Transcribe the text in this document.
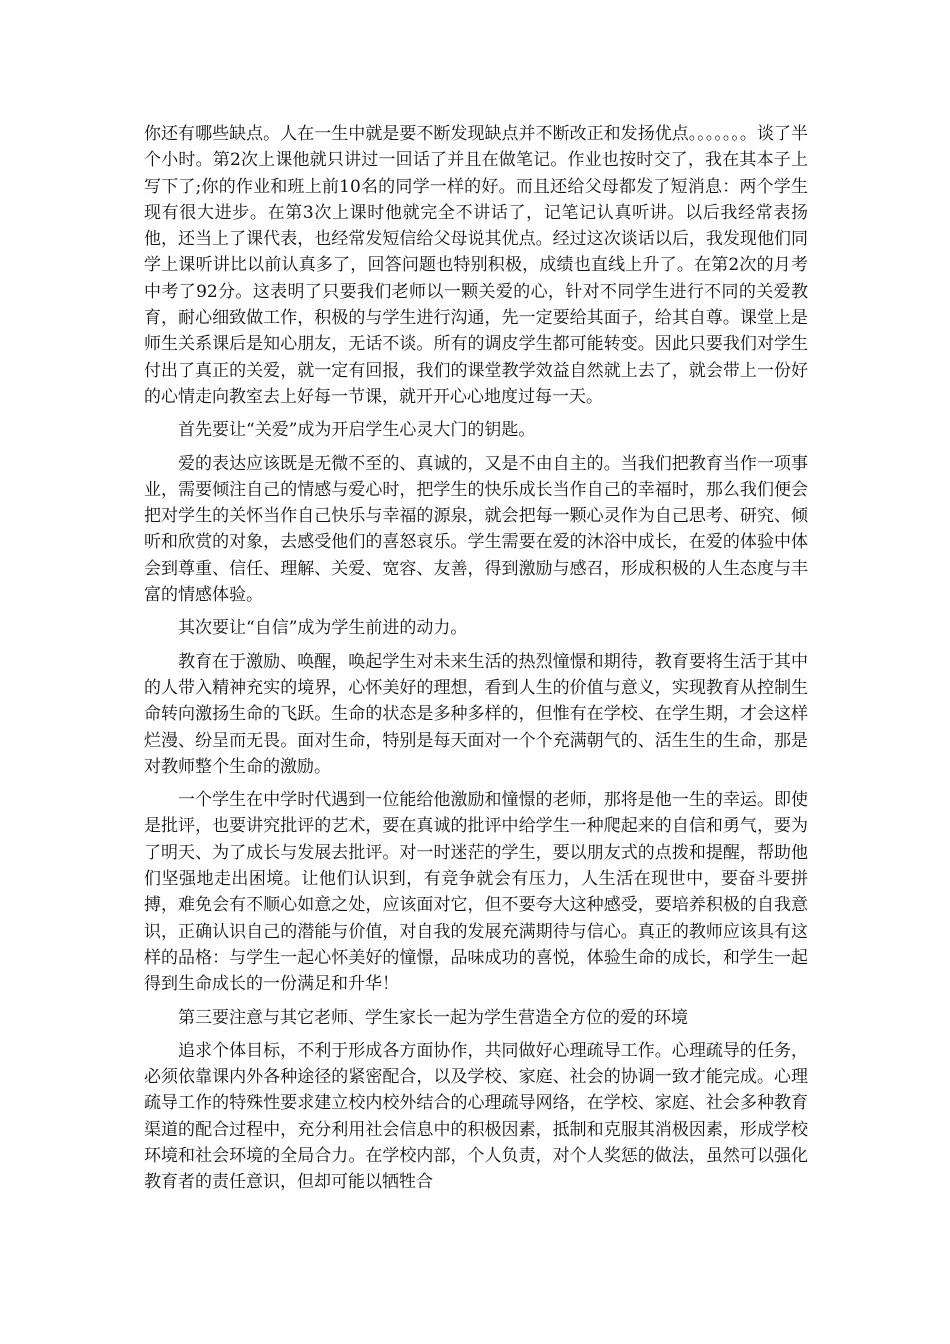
你还有哪些缺点。人在一生中就是要不断发现缺点并不断改正和发扬优点。。。。。。。谈了半个小时。第2次上课他就只讲过一回话了并且在做笔记。作业也按时交了，我在其本子上写下了;你的作业和班上前10名的同学一样的好。而且还给父母都发了短消息：两个学生现有很大进步。在第3次上课时他就完全不讲话了，记笔记认真听讲。以后我经常表扬他，还当上了课代表，也经常发短信给父母说其优点。经过这次谈话以后，我发现他们同学上课听讲比以前认真多了，回答问题也特别积极，成绩也直线上升了。在第2次的月考中考了92分。这表明了只要我们老师以一颗关爱的心，针对不同学生进行不同的关爱教育，耐心细致做工作，积极的与学生进行沟通，先一定要给其面子，给其自尊。课堂上是师生关系课后是知心朋友，无话不谈。所有的调皮学生都可能转变。因此只要我们对学生付出了真正的关爱，就一定有回报，我们的课堂教学效益自然就上去了，就会带上一份好的心情走向教室去上好每一节课，就开开心心地度过每一天。

首先要让“关爱”成为开启学生心灵大门的钥匙。

爱的表达应该既是无微不至的、真诚的，又是不由自主的。当我们把教育当作一项事业，需要倾注自己的情感与爱心时，把学生的快乐成长当作自己的幸福时，那么我们便会把对学生的关怀当作自己快乐与幸福的源泉，就会把每一颗心灵作为自己思考、研究、倾听和欣赏的对象，去感受他们的喜怒哀乐。学生需要在爱的沐浴中成长，在爱的体验中体会到尊重、信任、理解、关爱、宽容、友善，得到激励与感召，形成积极的人生态度与丰富的情感体验。

其次要让“自信”成为学生前进的动力。

教育在于激励、唤醒，唤起学生对未来生活的热烈憧憬和期待，教育要将生活于其中的人带入精神充实的境界，心怀美好的理想，看到人生的价值与意义，实现教育从控制生命转向激扬生命的飞跃。生命的状态是多种多样的，但惟有在学校、在学生期，才会这样烂漫、纷呈而无畏。面对生命，特别是每天面对一个个充满朝气的、活生生的生命，那是对教师整个生命的激励。

一个学生在中学时代遇到一位能给他激励和憧憬的老师，那将是他一生的幸运。即使是批评，也要讲究批评的艺术，要在真诚的批评中给学生一种爬起来的自信和勇气，要为了明天、为了成长与发展去批评。对一时迷茫的学生，要以朋友式的点拨和提醒，帮助他们坚强地走出困境。让他们认识到，有竞争就会有压力，人生活在现世中，要奋斗要拼搏，难免会有不顺心如意之处，应该面对它，但不要夸大这种感受，要培养积极的自我意识，正确认识自己的潜能与价值，对自我的发展充满期待与信心。真正的教师应该具有这样的品格：与学生一起心怀美好的憧憬，品味成功的喜悦，体验生命的成长，和学生一起得到生命成长的一份满足和升华！

第三要注意与其它老师、学生家长一起为学生营造全方位的爱的环境

追求个体目标，不利于形成各方面协作，共同做好心理疏导工作。心理疏导的任务，必须依靠课内外各种途径的紧密配合，以及学校、家庭、社会的协调一致才能完成。心理疏导工作的特殊性要求建立校内校外结合的心理疏导网络，在学校、家庭、社会多种教育渠道的配合过程中，充分利用社会信息中的积极因素，抵制和克服其消极因素，形成学校环境和社会环境的全局合力。在学校内部，个人负责，对个人奖惩的做法，虽然可以强化教育者的责任意识，但却可能以牺牲合
